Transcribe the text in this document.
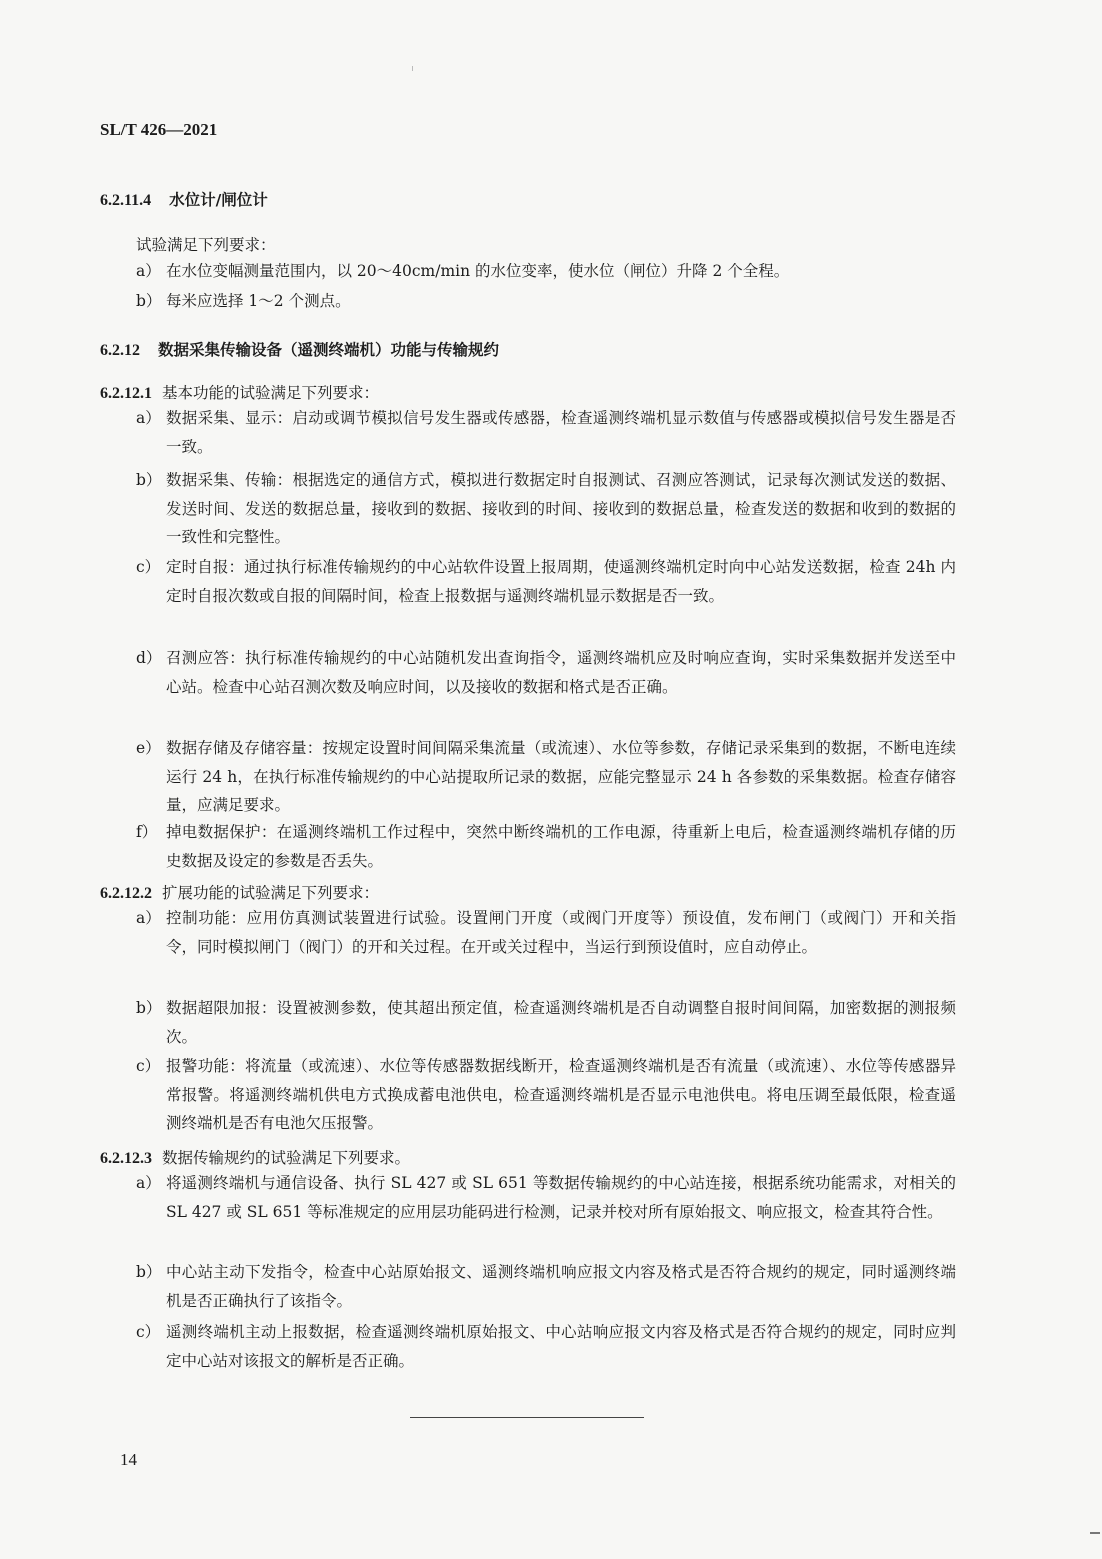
SL/T 426—2021
6.2.11.4 水位计/闸位计
试验满足下列要求：
a） 在水位变幅测量范围内，以 20～40cm/min 的水位变率，使水位（闸位）升降 2 个全程。
b） 每米应选择 1～2 个测点。
6.2.12 数据采集传输设备（遥测终端机）功能与传输规约
6.2.12.1 基本功能的试验满足下列要求：
a） 数据采集、显示：启动或调节模拟信号发生器或传感器，检查遥测终端机显示数值与传感器或模拟信号发生器是否一致。
b） 数据采集、传输：根据选定的通信方式，模拟进行数据定时自报测试、召测应答测试，记录每次测试发送的数据、发送时间、发送的数据总量，接收到的数据、接收到的时间、接收到的数据总量，检查发送的数据和收到的数据的一致性和完整性。
c） 定时自报：通过执行标准传输规约的中心站软件设置上报周期，使遥测终端机定时向中心站发送数据，检查 24h 内定时自报次数或自报的间隔时间，检查上报数据与遥测终端机显示数据是否一致。
d） 召测应答：执行标准传输规约的中心站随机发出查询指令，遥测终端机应及时响应查询，实时采集数据并发送至中心站。检查中心站召测次数及响应时间，以及接收的数据和格式是否正确。
e） 数据存储及存储容量：按规定设置时间间隔采集流量（或流速）、水位等参数，存储记录采集到的数据，不断电连续运行 24 h，在执行标准传输规约的中心站提取所记录的数据，应能完整显示 24 h 各参数的采集数据。检查存储容量，应满足要求。
f） 掉电数据保护：在遥测终端机工作过程中，突然中断终端机的工作电源，待重新上电后，检查遥测终端机存储的历史数据及设定的参数是否丢失。
6.2.12.2 扩展功能的试验满足下列要求：
a） 控制功能：应用仿真测试装置进行试验。设置闸门开度（或阀门开度等）预设值，发布闸门（或阀门）开和关指令，同时模拟闸门（阀门）的开和关过程。在开或关过程中，当运行到预设值时，应自动停止。
b） 数据超限加报：设置被测参数，使其超出预定值，检查遥测终端机是否自动调整自报时间间隔，加密数据的测报频次。
c） 报警功能：将流量（或流速）、水位等传感器数据线断开，检查遥测终端机是否有流量（或流速）、水位等传感器异常报警。将遥测终端机供电方式换成蓄电池供电，检查遥测终端机是否显示电池供电。将电压调至最低限，检查遥测终端机是否有电池欠压报警。
6.2.12.3 数据传输规约的试验满足下列要求。
a） 将遥测终端机与通信设备、执行 SL 427 或 SL 651 等数据传输规约的中心站连接，根据系统功能需求，对相关的 SL 427 或 SL 651 等标准规定的应用层功能码进行检测，记录并校对所有原始报文、响应报文，检查其符合性。
b） 中心站主动下发指令，检查中心站原始报文、遥测终端机响应报文内容及格式是否符合规约的规定，同时遥测终端机是否正确执行了该指令。
c） 遥测终端机主动上报数据，检查遥测终端机原始报文、中心站响应报文内容及格式是否符合规约的规定，同时应判定中心站对该报文的解析是否正确。
14
